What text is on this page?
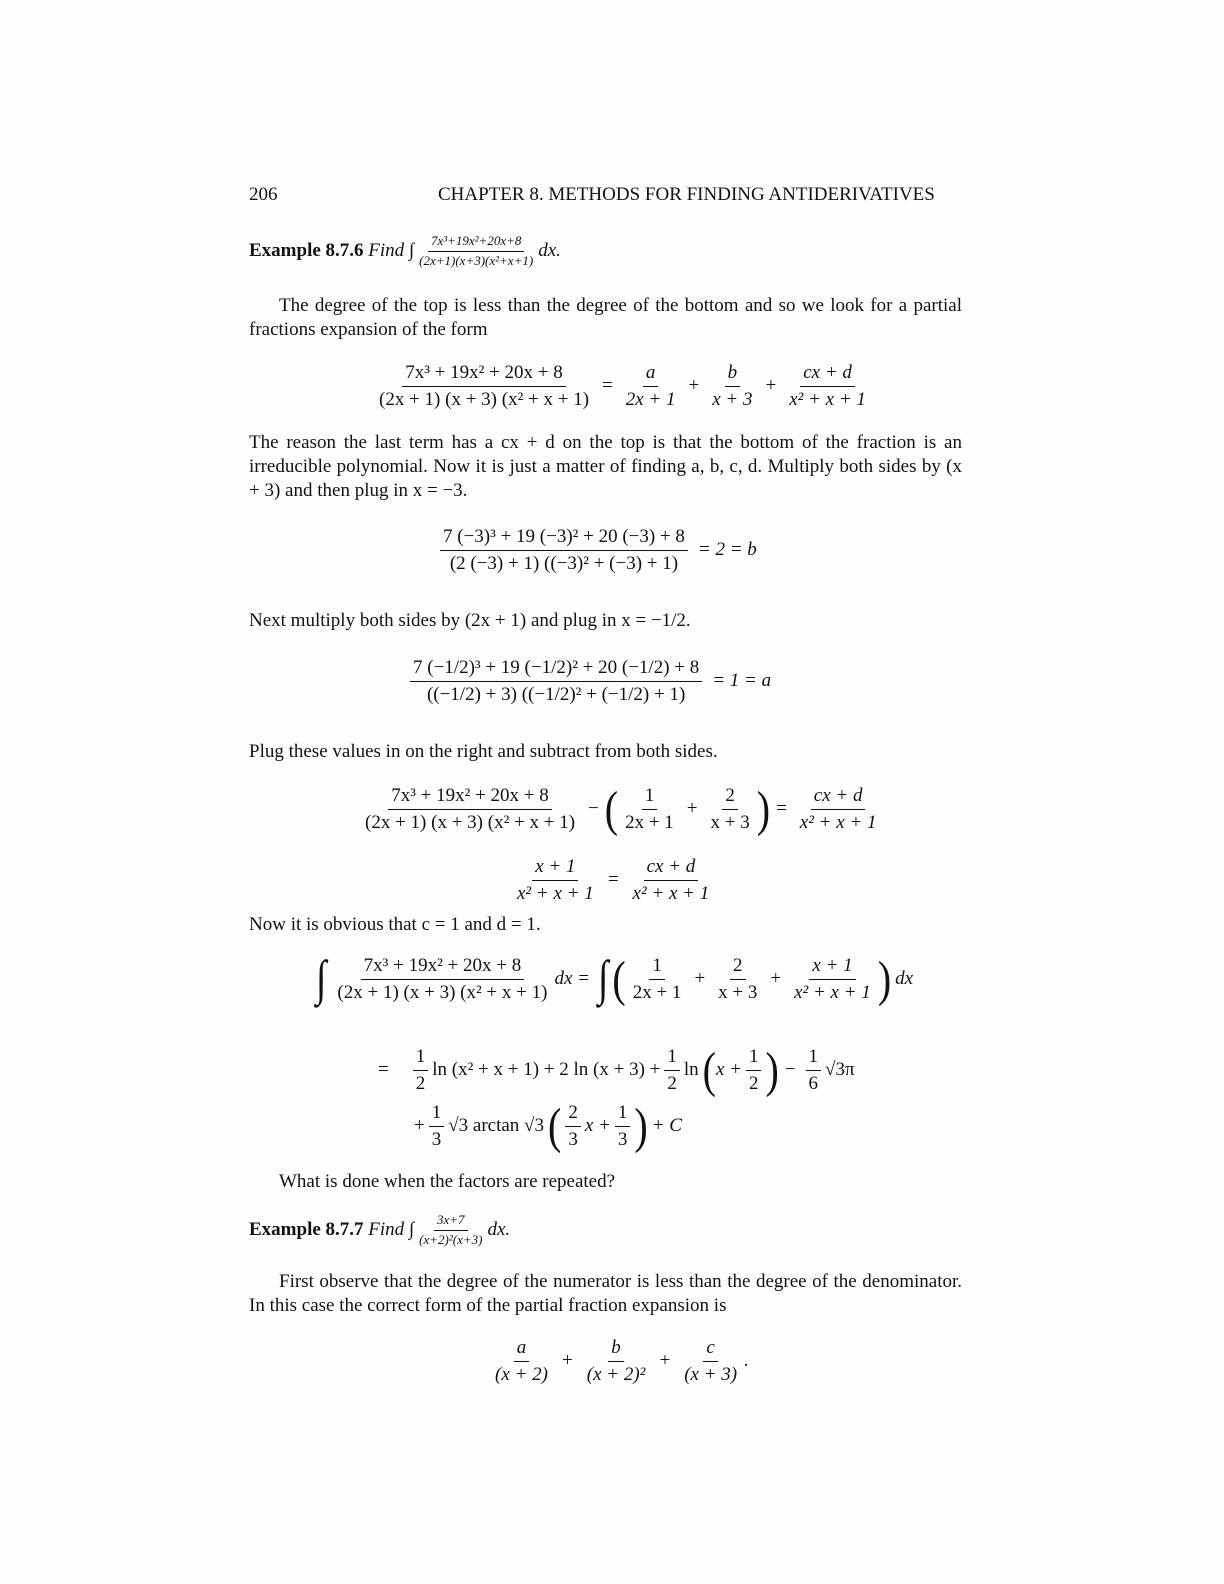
206	CHAPTER 8. METHODS FOR FINDING ANTIDERIVATIVES
Example 8.7.6
Find
∫ $\frac{\text{7x³+19x²+20x+8}}{\text{(2x+1)(x+3)(x²+x+1)}}$ dx.
The degree of the top is less than the degree of the bottom and so we look for a partial fractions expansion of the form
$\frac{\text{7x³ + 19x² + 20x + 8}}{\text{(2x + 1) (x + 3) (x² + x + 1)}} = \frac{a}{2x + 1} + \frac{b}{x + 3} + \frac{cx + d}{\text{x² + x + 1}}$
The reason the last term has a cx + d on the top is that the bottom of the fraction is an irreducible polynomial. Now it is just a matter of finding a, b, c, d. Multiply both sides by (x + 3) and then plug in x = −3.
$\frac{\text{7 (−3)³ + 19 (−3)² + 20 (−3) + 8}}{\text{(2 (−3) + 1) ((−3)² + (−3) + 1)}} = 2 = b$
Next multiply both sides by (2x + 1) and plug in x = −1/2.
$\frac{\text{7 (−1/2)³ + 19 (−1/2)² + 20 (−1/2) + 8}}{\text{((−1/2) + 3) ((−1/2)² + (−1/2) + 1)}} = 1 = a$
Plug these values in on the right and subtract from both sides.
$\frac{\text{7x³ + 19x² + 20x + 8}}{\text{(2x + 1) (x + 3) (x² + x + 1)}}$ − ( $\frac{1}{2x + 1} + \frac{2}{x + 3}$ ) = $\frac{cx + d}{\text{x² + x + 1}}$
$\frac{x + 1}{\text{x² + x + 1}} = \frac{cx + d}{\text{x² + x + 1}}$
Now it is obvious that c = 1 and d = 1.
∫ $\frac{\text{7x³ + 19x² + 20x + 8}}{\text{(2x + 1) (x + 3) (x² + x + 1)}}$ dx = ∫ ( $\frac{1}{2x + 1} + \frac{2}{x + 3} + \frac{x + 1}{\text{x² + x + 1}}$ ) dx
= $\frac{1}{2}$ ln (x² + x + 1) + 2 $\ln (x + 3) + \frac{1}{2}$ ln ( $x + \frac{1}{2}$ ) − $\frac{1}{6} √3\pi$
+ $\frac{1}{3} √3$ arctan √3 ( $\frac{2}{3}$ $x + \frac{1}{3}$ ) + C
What is done when the factors are repeated?
Example 8.7.7
Find
∫ $\frac{3x+7}{\text{(x+2)²(x+3)}}$ dx.
First observe that the degree of the numerator is less than the degree of the denominator. In this case the correct form of the partial fraction expansion is
$\frac{a}{(x + 2)} + \frac{b}{\text{(x + 2)²}} + \frac{c}{(x + 3)}$ .
